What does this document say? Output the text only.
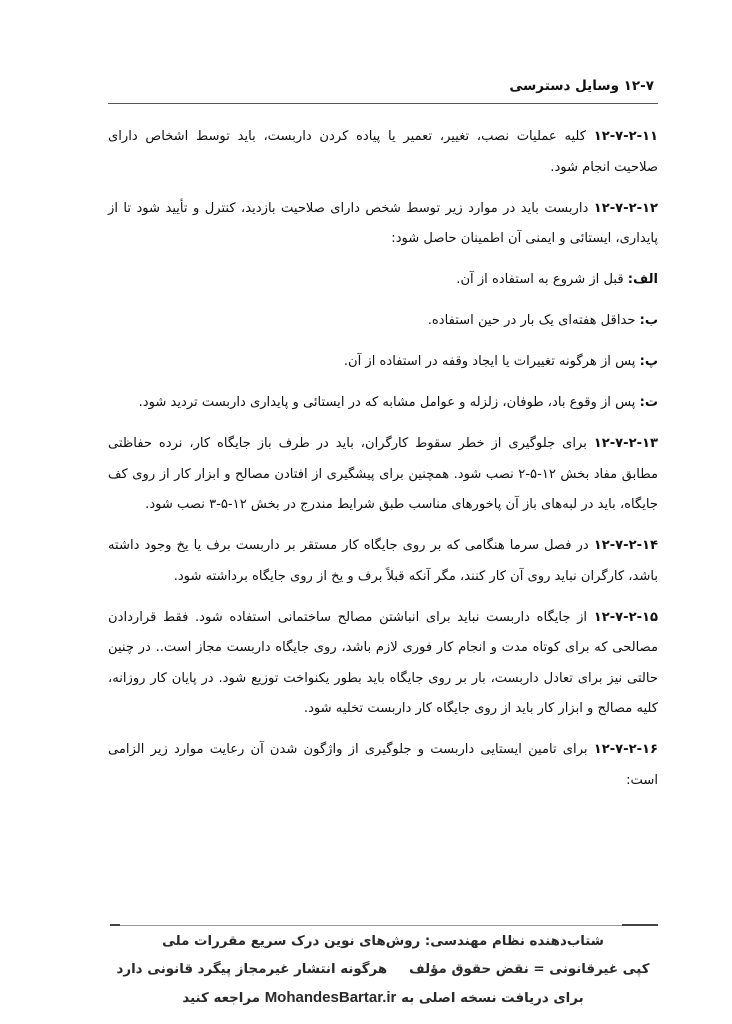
۱۲-۷ وسایل دسترسی

۱۲-۷-۲-۱۱ کلیه عملیات نصب، تغییر، تعمیر یا پیاده کردن داربست، باید توسط اشخاص دارای صلاحیت انجام شود.

۱۲-۷-۲-۱۲ داربست باید در موارد زیر توسط شخص دارای صلاحیت بازدید، کنترل و تأیید شود تا از پایداری، ایستائی و ایمنی آن اطمینان حاصل شود:

الف: قبل از شروع به استفاده از آن.

ب: حداقل هفته‌ای یک بار در حین استفاده.

پ: پس از هرگونه تغییرات یا ایجاد وقفه در استفاده از آن.

ت: پس از وقوع باد، طوفان، زلزله و عوامل مشابه که در ایستائی و پایداری داربست تردید شود.

۱۲-۷-۲-۱۳ برای جلوگیری از خطر سقوط کارگران، باید در طرف باز جایگاه کار، نرده حفاظتی مطابق مفاد بخش ۱۲-۵-۲ نصب شود. همچنین برای پیشگیری از افتادن مصالح و ابزار کار از روی کف جایگاه، باید در لبه‌های باز آن پاخورهای مناسب طبق شرایط مندرج در بخش ۱۲-۵-۳ نصب شود.

۱۲-۷-۲-۱۴ در فصل سرما هنگامی که بر روی جایگاه کار مستقر بر داربست برف یا یخ وجود داشته باشد، کارگران نباید روی آن کار کنند، مگر آنکه قبلاً برف و یخ از روی جایگاه برداشته شود.

۱۲-۷-۲-۱۵ از جایگاه داربست نباید برای انباشتن مصالح ساختمانی استفاده شود. فقط قراردادن مصالحی که برای کوتاه مدت و انجام کار فوری لازم باشد، روی جایگاه داربست مجاز است.. در چنین حالتی نیز برای تعادل داربست، بار بر روی جایگاه باید بطور یکنواخت توزیع شود. در پایان کار روزانه، کلیه مصالح و ابزار کار باید از روی جایگاه کار داربست تخلیه شود.

۱۲-۷-۲-۱۶ برای تامین ایستایی داربست و جلوگیری از واژگون شدن آن رعایت موارد زیر الزامی است:

شتاب‌دهنده نظام مهندسی: روش‌های نوین درک سریع مقررات ملی
کپی غیرقانونی = نقض حقوق مؤلفهرگونه انتشار غیرمجاز پیگرد قانونی دارد
برای دریافت نسخه اصلی به MohandesBartar.ir مراجعه کنید
